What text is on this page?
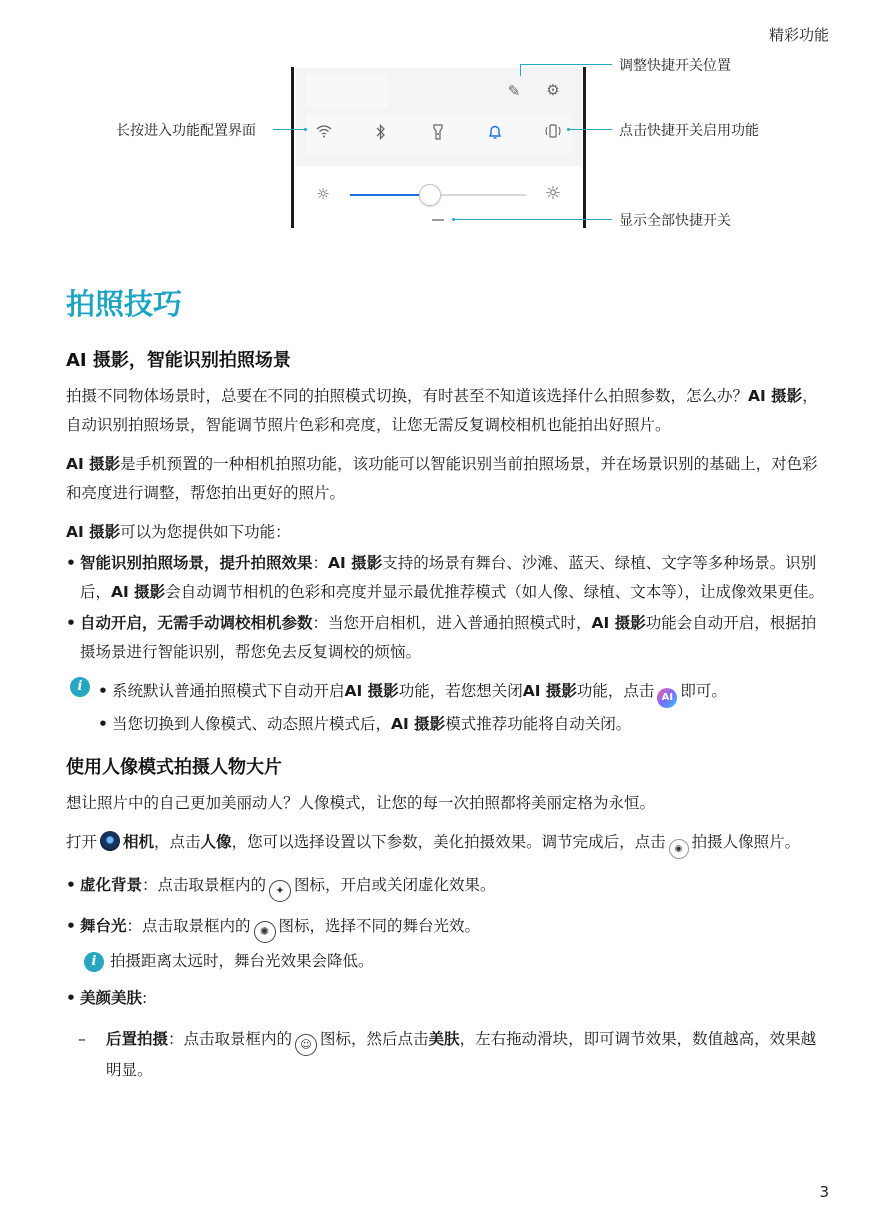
精彩功能
✎	⚙
☼	☼
调整快捷开关位置
长按进入功能配置界面	点击快捷开关启用功能
显示全部快捷开关
拍照技巧
AI 摄影，智能识别拍照场景

拍摄不同物体场景时，总要在不同的拍照模式切换，有时甚至不知道该选择什么拍照参数，怎么办？AI 摄影，自动识别拍照场景，智能调节照片色彩和亮度，让您无需反复调校相机也能拍出好照片。

AI 摄影是手机预置的一种相机拍照功能，该功能可以智能识别当前拍照场景，并在场景识别的基础上，对色彩和亮度进行调整，帮您拍出更好的照片。

AI 摄影可以为您提供如下功能：

• 智能识别拍照场景，提升拍照效果：AI 摄影支持的场景有舞台、沙滩、蓝天、绿植、文字等多种场景。识别后，AI 摄影会自动调节相机的色彩和亮度并显示最优推荐模式（如人像、绿植、文本等），让成像效果更佳。
• 自动开启，无需手动调校相机参数：当您开启相机，进入普通拍照模式时，AI 摄影功能会自动开启，根据拍摄场景进行智能识别，帮您免去反复调校的烦恼。
i
•	系统默认普通拍照模式下自动开启AI 摄影功能，若您想关闭AI 摄影功能，点击 AI 即可。
• 当您切换到人像模式、动态照片模式后，AI 摄影模式推荐功能将自动关闭。
使用人像模式拍摄人物大片

想让照片中的自己更加美丽动人？人像模式，让您的每一次拍照都将美丽定格为永恒。

打开 相机，点击人像，您可以选择设置以下参数，美化拍摄效果。调节完成后，点击 ◉ 拍摄人像照片。

• 虚化背景：点击取景框内的 ✦ 图标，开启或关闭虚化效果。
• 舞台光：点击取景框内的 ✺ 图标，选择不同的舞台光效。
i 拍摄距离太远时，舞台光效果会降低。
• 美颜美肤:
– 后置拍摄：点击取景框内的 ☺ 图标，然后点击美肤，左右拖动滑块，即可调节效果，数值越高，效果越明显。
3
